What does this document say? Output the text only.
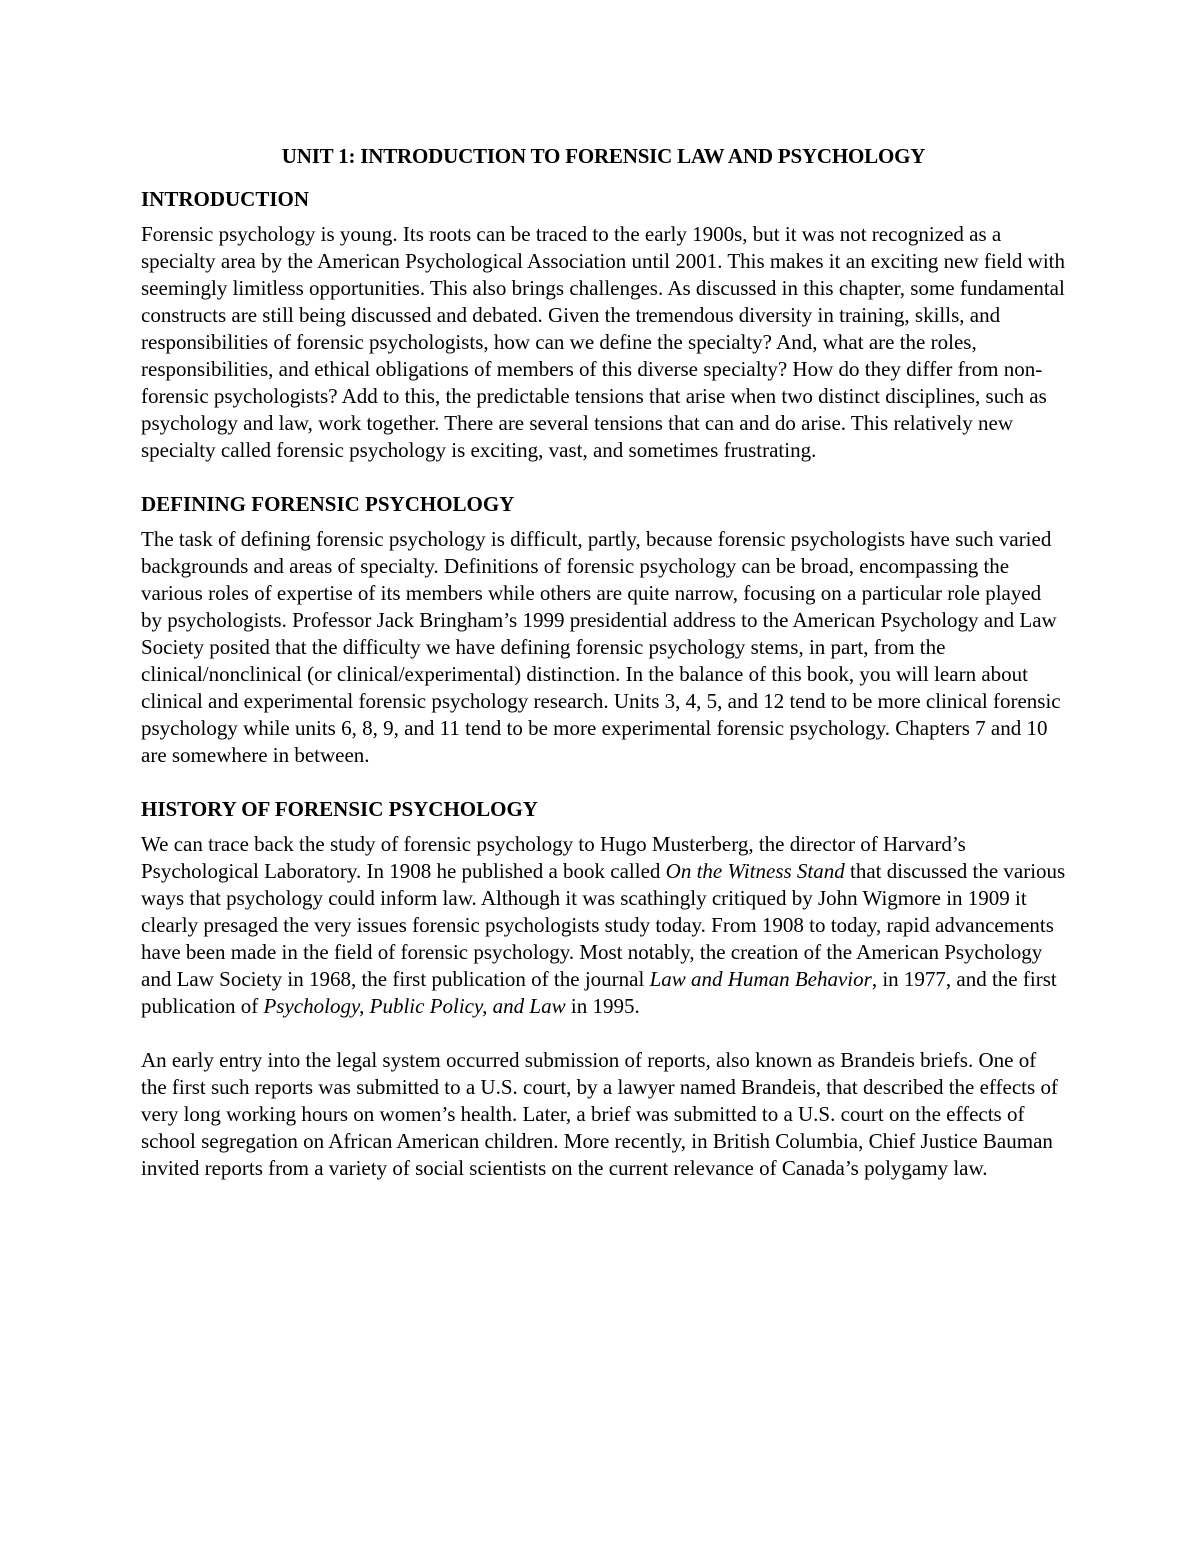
UNIT 1: INTRODUCTION TO FORENSIC LAW AND PSYCHOLOGY
INTRODUCTION

Forensic psychology is young. Its roots can be traced to the early 1900s, but it was not recognized as a specialty area by the American Psychological Association until 2001. This makes it an exciting new field with seemingly limitless opportunities. This also brings challenges. As discussed in this chapter, some fundamental constructs are still being discussed and debated. Given the tremendous diversity in training, skills, and responsibilities of forensic psychologists, how can we define the specialty? And, what are the roles, responsibilities, and ethical obligations of members of this diverse specialty? How do they differ from non-forensic psychologists? Add to this, the predictable tensions that arise when two distinct disciplines, such as psychology and law, work together. There are several tensions that can and do arise. This relatively new specialty called forensic psychology is exciting, vast, and sometimes frustrating.

DEFINING FORENSIC PSYCHOLOGY

The task of defining forensic psychology is difficult, partly, because forensic psychologists have such varied backgrounds and areas of specialty. Definitions of forensic psychology can be broad, encompassing the various roles of expertise of its members while others are quite narrow, focusing on a particular role played by psychologists. Professor Jack Bringham’s 1999 presidential address to the American Psychology and Law Society posited that the difficulty we have defining forensic psychology stems, in part, from the clinical/nonclinical (or clinical/experimental) distinction. In the balance of this book, you will learn about clinical and experimental forensic psychology research. Units 3, 4, 5, and 12 tend to be more clinical forensic psychology while units 6, 8, 9, and 11 tend to be more experimental forensic psychology. Chapters 7 and 10 are somewhere in between.

HISTORY OF FORENSIC PSYCHOLOGY

We can trace back the study of forensic psychology to Hugo Musterberg, the director of Harvard’s Psychological Laboratory. In 1908 he published a book called On the Witness Stand that discussed the various ways that psychology could inform law. Although it was scathingly critiqued by John Wigmore in 1909 it clearly presaged the very issues forensic psychologists study today. From 1908 to today, rapid advancements have been made in the field of forensic psychology. Most notably, the creation of the American Psychology and Law Society in 1968, the first publication of the journal Law and Human Behavior, in 1977, and the first publication of Psychology, Public Policy, and Law in 1995.

An early entry into the legal system occurred submission of reports, also known as Brandeis briefs. One of the first such reports was submitted to a U.S. court, by a lawyer named Brandeis, that described the effects of very long working hours on women’s health. Later, a brief was submitted to a U.S. court on the effects of school segregation on African American children. More recently, in British Columbia, Chief Justice Bauman invited reports from a variety of social scientists on the current relevance of Canada’s polygamy law.
